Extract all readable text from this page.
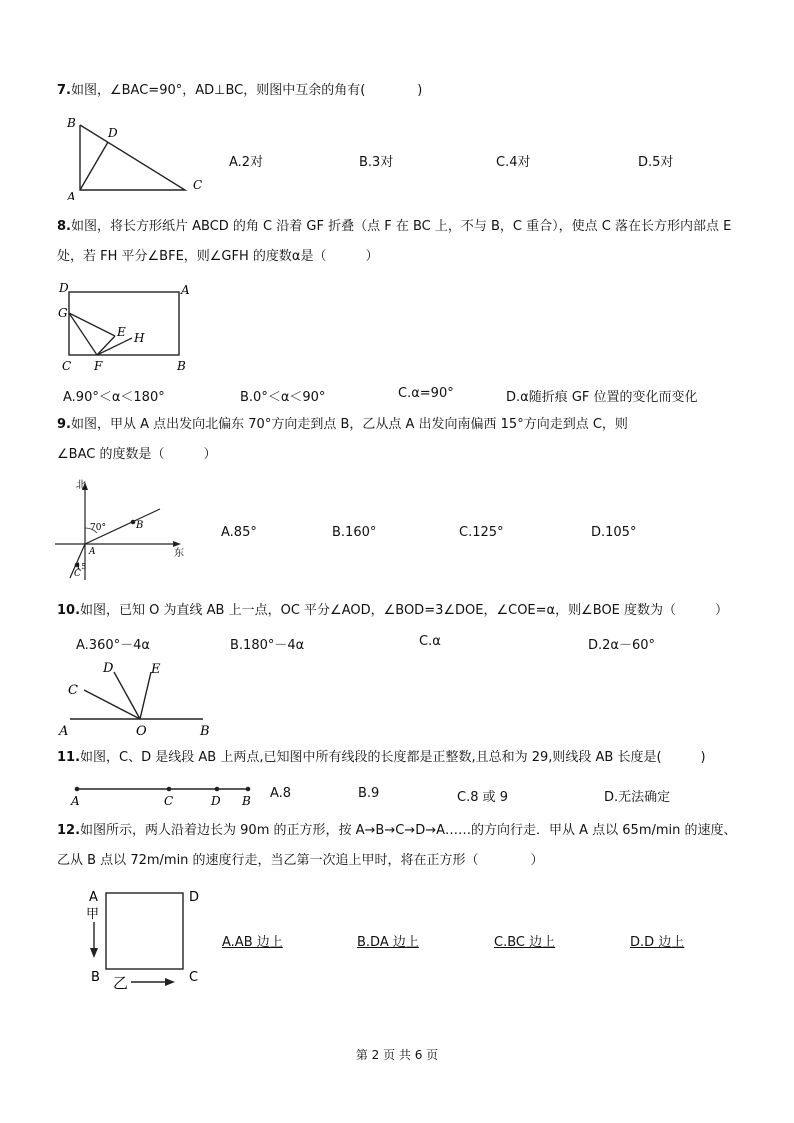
7.如图，∠BAC=90°，AD⊥BC，则图中互余的角有(　　　　)
B
D
A
C
A.2对	B.3对	C.4对	D.5对
8.如图，将长方形纸片 ABCD 的角 C 沿着 GF 折叠（点 F 在 BC 上，不与 B，C 重合），使点 C 落在长方形内部点 E
处，若 FH 平分∠BFE，则∠GFH 的度数α是（　　　）
D	A
G
E H
C F	B
A.90°＜α＜180°	B.0°＜α＜90°	C.α=90°	D.α随折痕 GF 位置的变化而变化
9.如图，甲从 A 点出发向北偏东 70°方向走到点 B，乙从点 A 出发向南偏西 15°方向走到点 C，则
∠BAC 的度数是（　　　）
北
东
70°
15
A
B
C
A.85°	B.160°	C.125°	D.105°
10.如图，已知 O 为直线 AB 上一点，OC 平分∠AOD，∠BOD=3∠DOE，∠COE=α，则∠BOE 度数为（　　　）
A.360°－4α	B.180°－4α	C.α	D.2α－60°
C
D	E
A	O	B
11.如图，C、D 是线段 AB 上两点,已知图中所有线段的长度都是正整数,且总和为 29,则线段 AB 长度是(　　　)
A	C	D B A.8	B.9	C.8 或 9	D.无法确定
12.如图所示，两人沿着边长为 90m 的正方形，按 A→B→C→D→A……的方向行走．甲从 A 点以 65m/min 的速度、
乙从 B 点以 72m/min 的速度行走，当乙第一次追上甲时，将在正方形（　　　　）
A	D
甲
B	C
乙
A.AB 边上	B.DA 边上	C.BC 边上	D.D 边上
第 2 页 共 6 页
